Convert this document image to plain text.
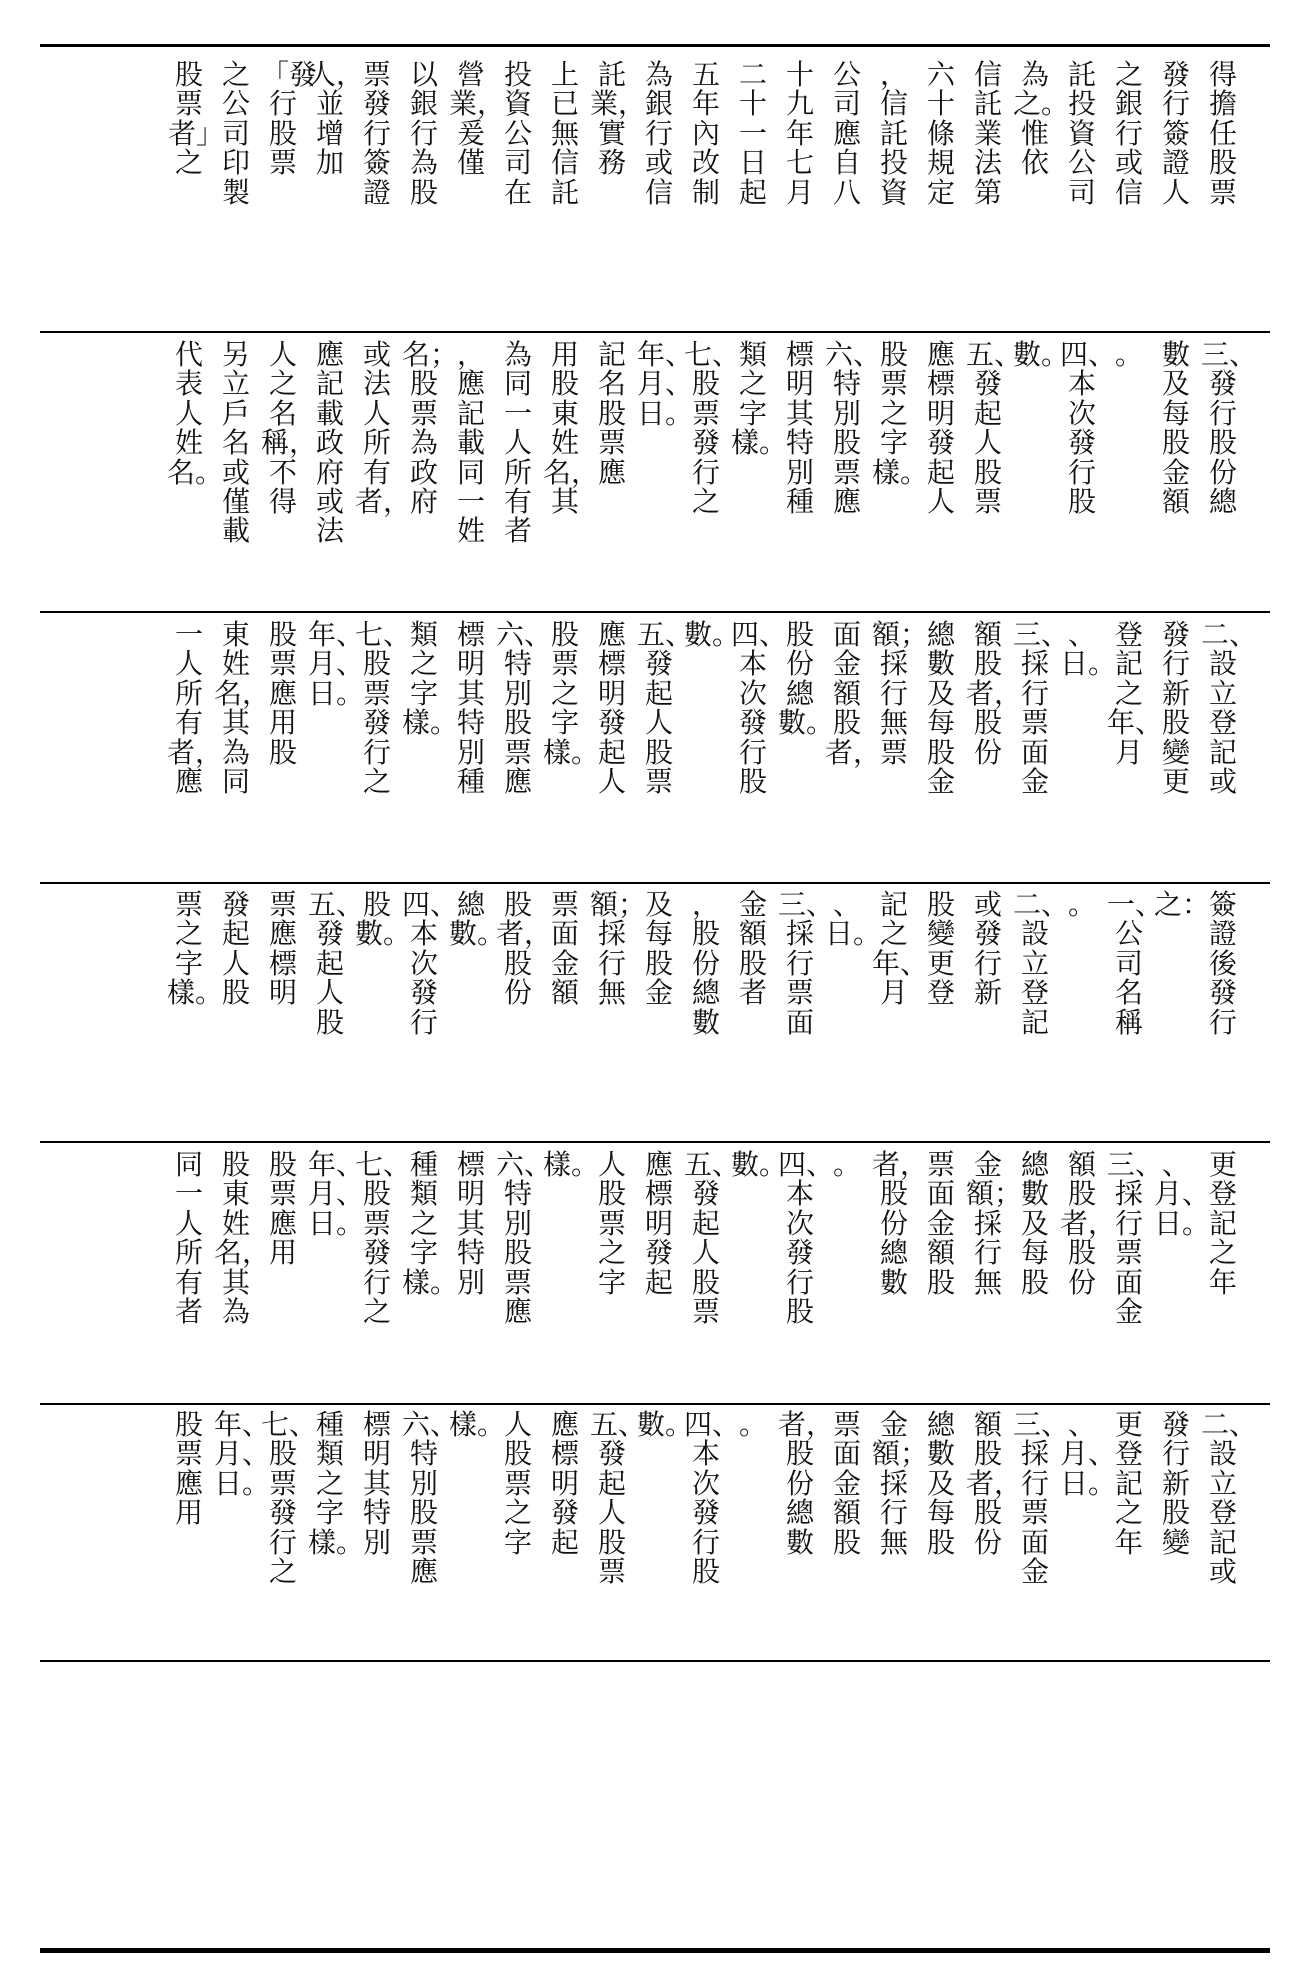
得擔任股票
發行簽證人
之銀行或信
託投資公司
為之。惟依
信託業法第
六十條規定
，信託投資
公司應自八
十九年七月
二十一日起
五年內改制
為銀行或信
託業，實務
上已無信託
投資公司在
營業，爰僅
以銀行為股
票發行簽證
人，並增加
「發行股票
之公司印製
股票者」之
三、發行股份總
數及每股金額
。
四、本次發行股
數。
五、發起人股票
應標明發起人
股票之字樣。
六、特別股票應
標明其特別種
類之字樣。
七、股票發行之
年、月、日。
記名股票應
用股東姓名，其
為同一人所有者
，應記載同一姓
名；股票為政府
或法人所有者，
應記載政府或法
人之名稱，不得
另立戶名或僅載
代表人姓名。
二、設立登記或
發行新股變更
登記之年、月
、日。
三、採行票面金
額股者，股份
總數及每股金
額；採行無票
面金額股者，
股份總數。
四、本次發行股
數。
五、發起人股票
應標明發起人
股票之字樣。
六、特別股票應
標明其特別種
類之字樣。
七、股票發行之
年、月、日。
股票應用股
東姓名，其為同
一人所有者，應
簽證後發行
之：
一、公司名稱
。
二、設立登記
或發行新
股變更登
記之年、月
、日。
三、採行票面
金額股者
，股份總數
及每股金
額；採行無
票面金額
股者，股份
總數。
四、本次發行
股數。
五、發起人股
票應標明
發起人股
票之字樣。
更登記之年
、月、日。
三、採行票面金
額股者，股份
總數及每股
金額；採行無
票面金額股
者，股份總數
。
四、本次發行股
數。
五、發起人股票
應標明發起
人股票之字
樣。
六、特別股票應
標明其特別
種類之字樣。
七、股票發行之
年、月、日。
股票應用
股東姓名，其為
同一人所有者
二、設立登記或
發行新股變
更登記之年
、月、日。
三、採行票面金
額股者，股份
總數及每股
金額；採行無
票面金額股
者，股份總數
。
四、本次發行股
數。
五、發起人股票
應標明發起
人股票之字
樣。
六、特別股票應
標明其特別
種類之字樣。
七、股票發行之
年、月、日。
股票應用
